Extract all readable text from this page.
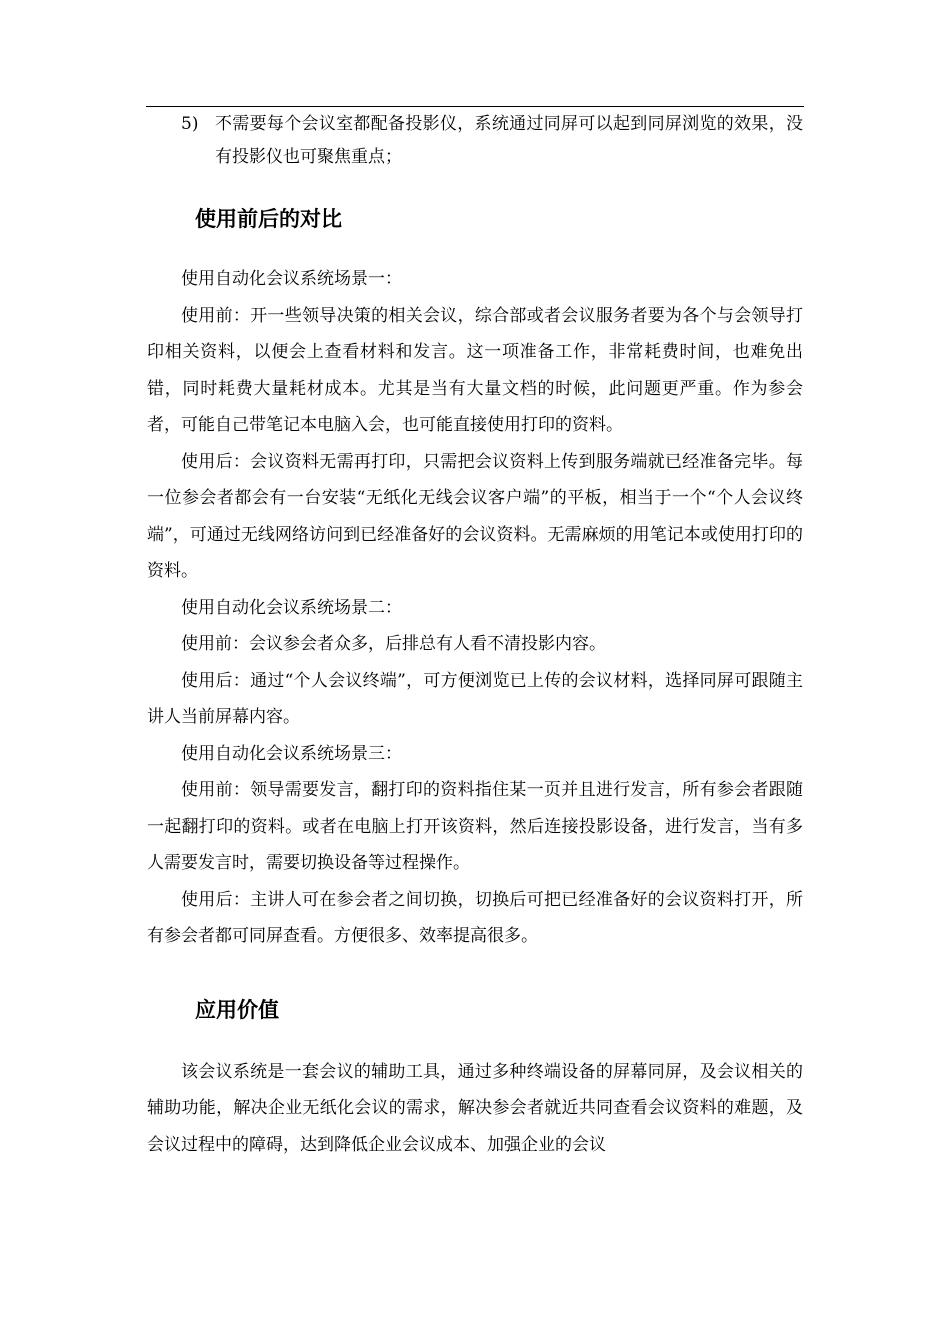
5) 不需要每个会议室都配备投影仪，系统通过同屏可以起到同屏浏览的效果，没有投影仪也可聚焦重点；
使用前后的对比

使用自动化会议系统场景一：

使用前：开一些领导决策的相关会议，综合部或者会议服务者要为各个与会领导打印相关资料，以便会上查看材料和发言。这一项准备工作，非常耗费时间，也难免出错，同时耗费大量耗材成本。尤其是当有大量文档的时候，此问题更严重。作为参会者，可能自己带笔记本电脑入会，也可能直接使用打印的资料。

使用后：会议资料无需再打印，只需把会议资料上传到服务端就已经准备完毕。每一位参会者都会有一台安装“无纸化无线会议客户端”的平板，相当于一个“个人会议终端”，可通过无线网络访问到已经准备好的会议资料。无需麻烦的用笔记本或使用打印的资料。

使用自动化会议系统场景二：

使用前：会议参会者众多，后排总有人看不清投影内容。

使用后：通过“个人会议终端”，可方便浏览已上传的会议材料，选择同屏可跟随主讲人当前屏幕内容。

使用自动化会议系统场景三：

使用前：领导需要发言，翻打印的资料指住某一页并且进行发言，所有参会者跟随一起翻打印的资料。或者在电脑上打开该资料，然后连接投影设备，进行发言，当有多人需要发言时，需要切换设备等过程操作。

使用后：主讲人可在参会者之间切换，切换后可把已经准备好的会议资料打开，所有参会者都可同屏查看。方便很多、效率提高很多。

应用价值

该会议系统是一套会议的辅助工具，通过多种终端设备的屏幕同屏，及会议相关的辅助功能，解决企业无纸化会议的需求，解决参会者就近共同查看会议资料的难题，及会议过程中的障碍，达到降低企业会议成本、加强企业的会议
